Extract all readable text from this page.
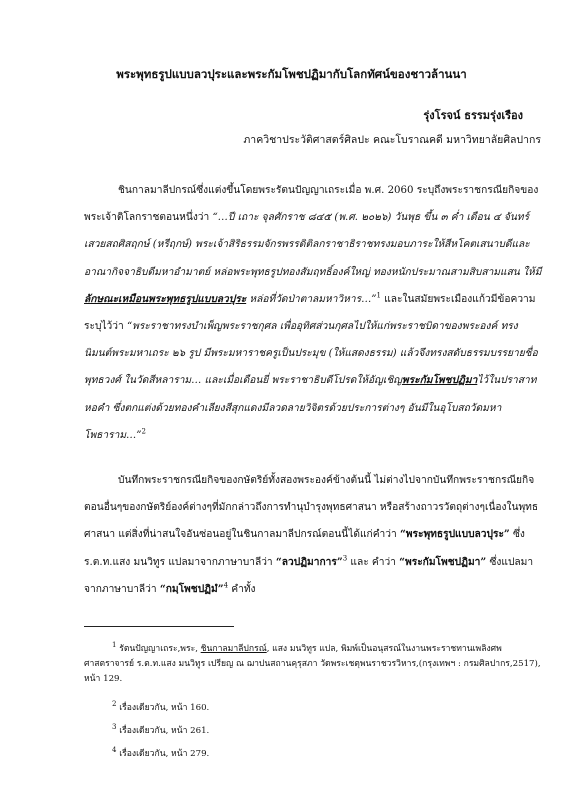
พระพุทธรูปแบบลวปุระและพระกัมโพชปฏิมากับโลกทัศน์ของชาวล้านนา
รุ่งโรจน์ ธรรมรุ่งเรือง
ภาควิชาประวัติศาสตร์ศิลปะ คณะโบราณคดี มหาวิทยาลัยศิลปากร

ชินกาลมาลีปกรณ์ซึ่งแต่งขึ้นโดยพระรัตนปัญญาเถระเมื่อ พ.ศ. 2060 ระบุถึงพระราชกรณียกิจของพระเจ้าติโลกราชตอนหนึ่งว่า “…ปี เถาะ จุลศักราช ๘๔๕ (พ.ศ. ๒๐๒๖) วันพุธ ขึ้น ๓ ค่ำ เดือน ๔ จันทร์เสวยสถศิสฤกษ์ (หรีฤกษ์) พระเจ้าสิริธรรมจักรพรรดิติลกราชาธิราชทรงมอบภาระให้สีหโคตเสนาบดีและอาณากิจจาธิบดีมหาอำมาตย์ หล่อพระพุทธรูปทองสัมฤทธิ์องค์ใหญ่ ทองหนักประมาณสามสิบสามแสน ให้มีลักษณะเหมือนพระพุทธรูปแบบลวปุระ หล่อที่วัดป่าตาลมหาวิหาร…”$^1$ และในสมัยพระเมืองแก้วมีข้อความระบุไว้ว่า “พระราชาทรงบำเพ็ญพระราชกุศล เพื่ออุทิศส่วนกุศลไปให้แก่พระราชบิดาของพระองค์ ทรงนิมนต์พระมหาเถระ ๒๖ รูป มีพระมหาราชครูเป็นประมุข (ให้แสดงธรรม) แล้วจึงทรงสดับธรรมบรรยายชื่อ พุทธวงศ์ ในวัดสีหลาราม… และเมื่อเดือนยี่ พระราชาธิบดีโปรดให้อัญเชิญพระกัมโพชปฏิมาไว้ในปราสาทหอคำ ซึ่งตกแต่งด้วยทองคำเลียงสีสุกแดงมีลวดลายวิจิตรด้วยประการต่างๆ อันมีในอุโบสถวัดมหาโพธาราม…”$^2$

บันทึกพระราชกรณียกิจของกษัตริย์ทั้งสองพระองค์ข้างต้นนี้ ไม่ต่างไปจากบันทึกพระราชกรณียกิจตอนอื่นๆของกษัตริย์องค์ต่างๆที่มักกล่าวถึงการทำนุบำรุงพุทธศาสนา หรือสร้างถาวรวัตถุต่างๆเนื่องในพุทธศาสนา แต่สิ่งที่น่าสนใจอันซ่อนอยู่ในชินกาลมาลีปกรณ์ตอนนี้ได้แก่คำว่า “พระพุทธรูปแบบลวปุระ” ซึ่ง ร.ต.ท.แสง มนวิทูร แปลมาจากภาษาบาลีว่า “ลวปฏิมาการ”$^3$ และ คำว่า “พระกัมโพชปฏิมา” ซึ่งแปลมาจากภาษาบาลีว่า “กมฺโพชปฏิมํ”$^4$ คำทั้ง

$^1$ รัตนปัญญาเถระ,พระ, ชินกาลมาลีปกรณ์, แสง มนวิทูร แปล, พิมพ์เป็นอนุสรณ์ในงานพระราชทานเพลิงศพ ศาสตราจารย์ ร.ต.ท.แสง มนวิทูร เปรียญ ณ ฌาปนสถานคุรุสภา วัดพระเชตุพนราชวรวิหาร,(กรุงเทพฯ : กรมศิลปากร,2517), หน้า 129.
$^2$ เรื่องเดียวกัน, หน้า 160.
$^3$ เรื่องเดียวกัน, หน้า 261.
$^4$ เรื่องเดียวกัน, หน้า 279.
